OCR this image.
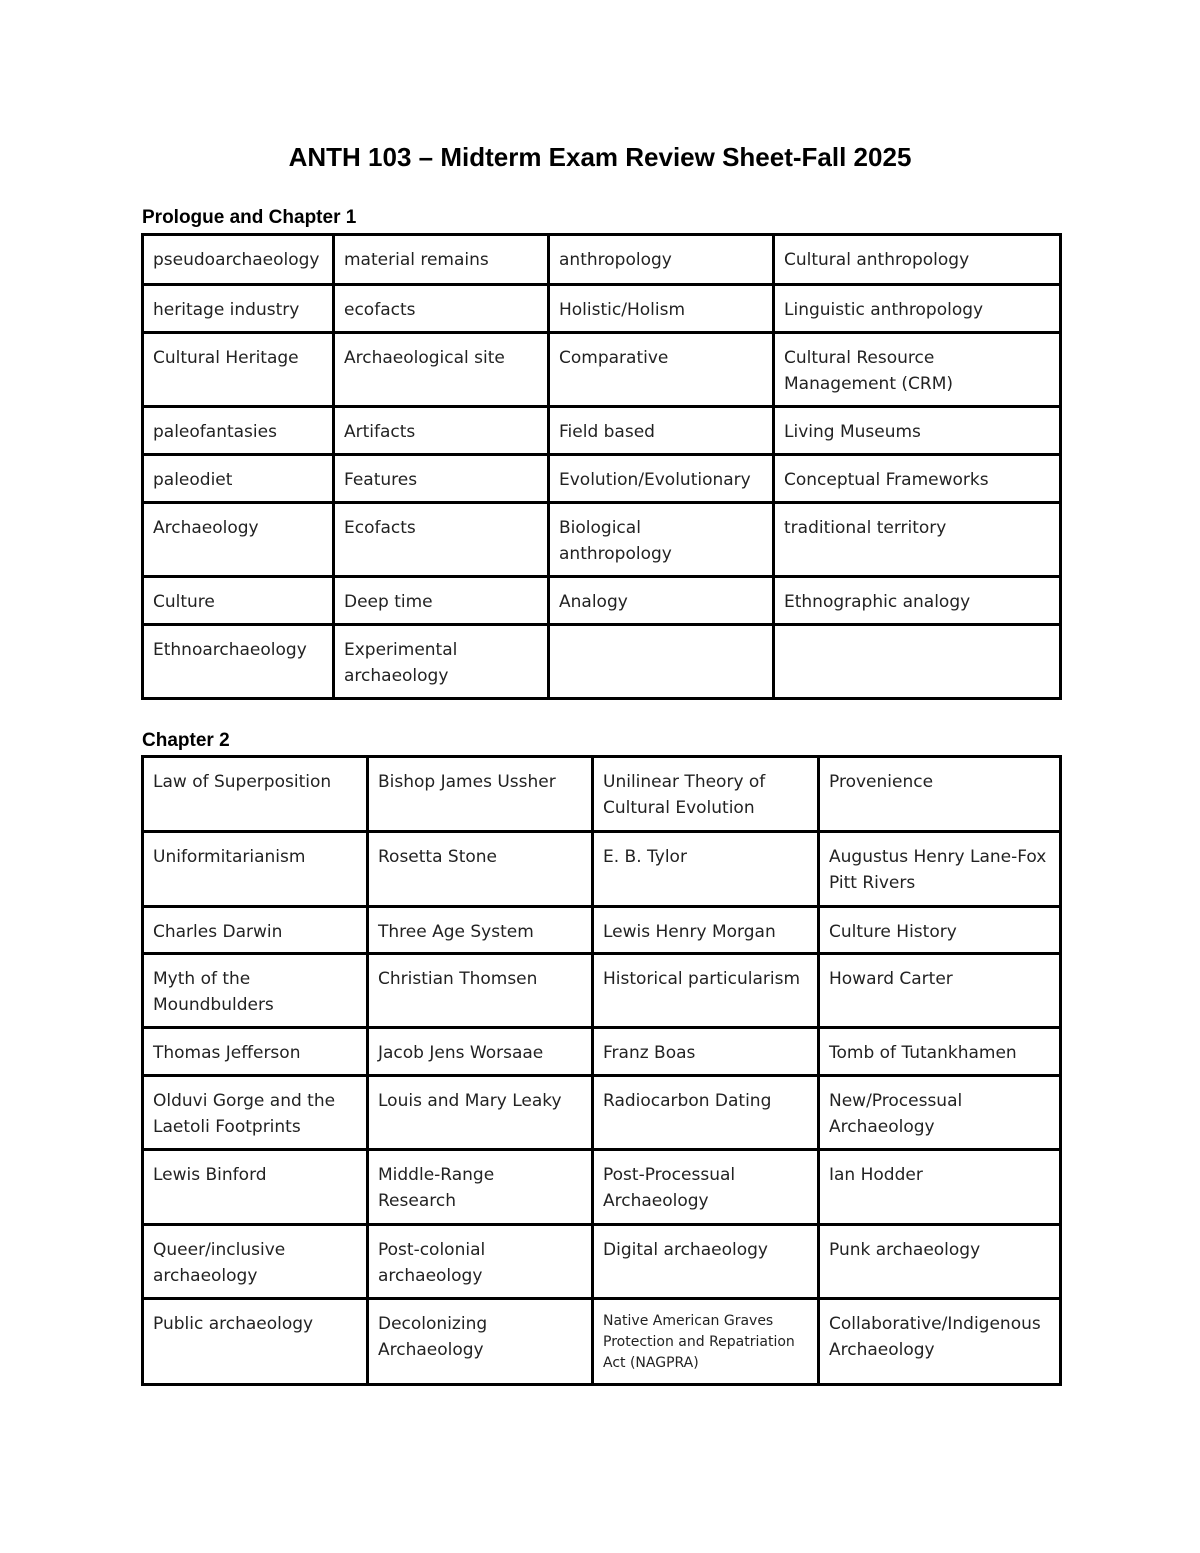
ANTH 103 – Midterm Exam Review Sheet-Fall 2025
Prologue and Chapter 1
pseudoarchaeology	material remains	anthropology	Cultural anthropology
heritage industry	ecofacts	Holistic/Holism	Linguistic anthropology
Cultural Heritage	Archaeological site	Comparative	Cultural Resource Management (CRM)
paleofantasies	Artifacts	Field based	Living Museums
paleodiet	Features	Evolution/Evolutionary	Conceptual Frameworks
Archaeology	Ecofacts	Biological anthropology	traditional territory
Culture	Deep time	Analogy	Ethnographic analogy
Ethnoarchaeology	Experimental archaeology		
Chapter 2
Law of Superposition	Bishop James Ussher	Unilinear Theory of Cultural Evolution	Provenience
Uniformitarianism	Rosetta Stone	E. B. Tylor	Augustus Henry Lane-Fox Pitt Rivers
Charles Darwin	Three Age System	Lewis Henry Morgan	Culture History
Myth of the Moundbulders	Christian Thomsen	Historical particularism	Howard Carter
Thomas Jefferson	Jacob Jens Worsaae	Franz Boas	Tomb of Tutankhamen
Olduvi Gorge and the Laetoli Footprints	Louis and Mary Leaky	Radiocarbon Dating	New/Processual Archaeology
Lewis Binford	Middle-Range Research	Post-Processual Archaeology	Ian Hodder
Queer/inclusive archaeology	Post-colonial archaeology	Digital archaeology	Punk archaeology
Public archaeology	Decolonizing Archaeology	Native American Graves Protection and Repatriation Act (NAGPRA)	Collaborative/Indigenous Archaeology
